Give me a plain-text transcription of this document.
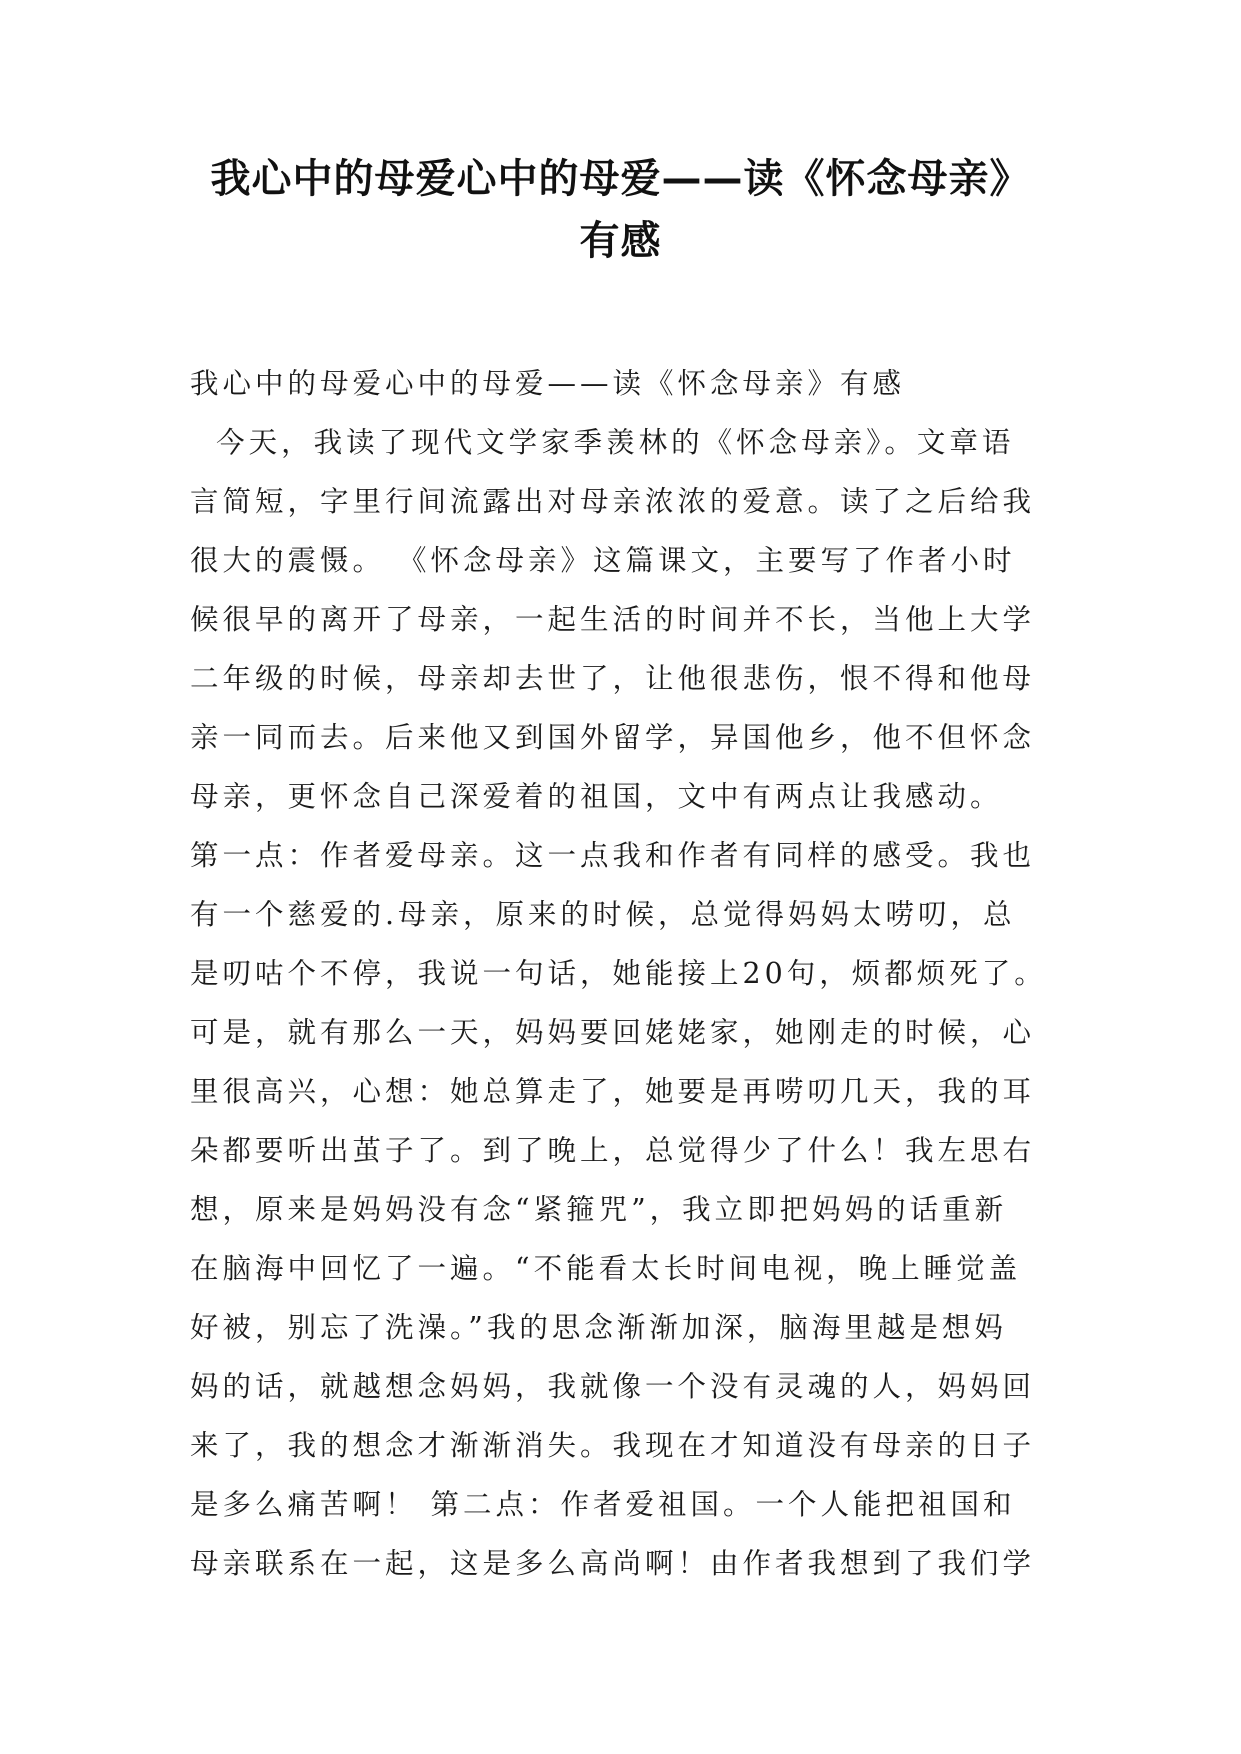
我心中的母爱心中的母爱——读《怀念母亲》
有感
我心中的母爱心中的母爱——读《怀念母亲》有感
今天，我读了现代文学家季羡林的《怀念母亲》。文章语
言简短，字里行间流露出对母亲浓浓的爱意。读了之后给我
很大的震慑。 《怀念母亲》这篇课文，主要写了作者小时
候很早的离开了母亲，一起生活的时间并不长，当他上大学
二年级的时候，母亲却去世了，让他很悲伤，恨不得和他母
亲一同而去。后来他又到国外留学，异国他乡，他不但怀念
母亲，更怀念自己深爱着的祖国，文中有两点让我感动。
第一点：作者爱母亲。这一点我和作者有同样的感受。我也
有一个慈爱的.母亲，原来的时候，总觉得妈妈太唠叨，总
是叨咕个不停，我说一句话，她能接上20句，烦都烦死了。
可是，就有那么一天，妈妈要回姥姥家，她刚走的时候，心
里很高兴，心想：她总算走了，她要是再唠叨几天，我的耳
朵都要听出茧子了。到了晚上，总觉得少了什么！我左思右
想，原来是妈妈没有念“紧箍咒”，我立即把妈妈的话重新
在脑海中回忆了一遍。“不能看太长时间电视，晚上睡觉盖
好被，别忘了洗澡。”我的思念渐渐加深，脑海里越是想妈
妈的话，就越想念妈妈，我就像一个没有灵魂的人，妈妈回
来了，我的想念才渐渐消失。我现在才知道没有母亲的日子
是多么痛苦啊！ 第二点：作者爱祖国。一个人能把祖国和
母亲联系在一起，这是多么高尚啊！由作者我想到了我们学
